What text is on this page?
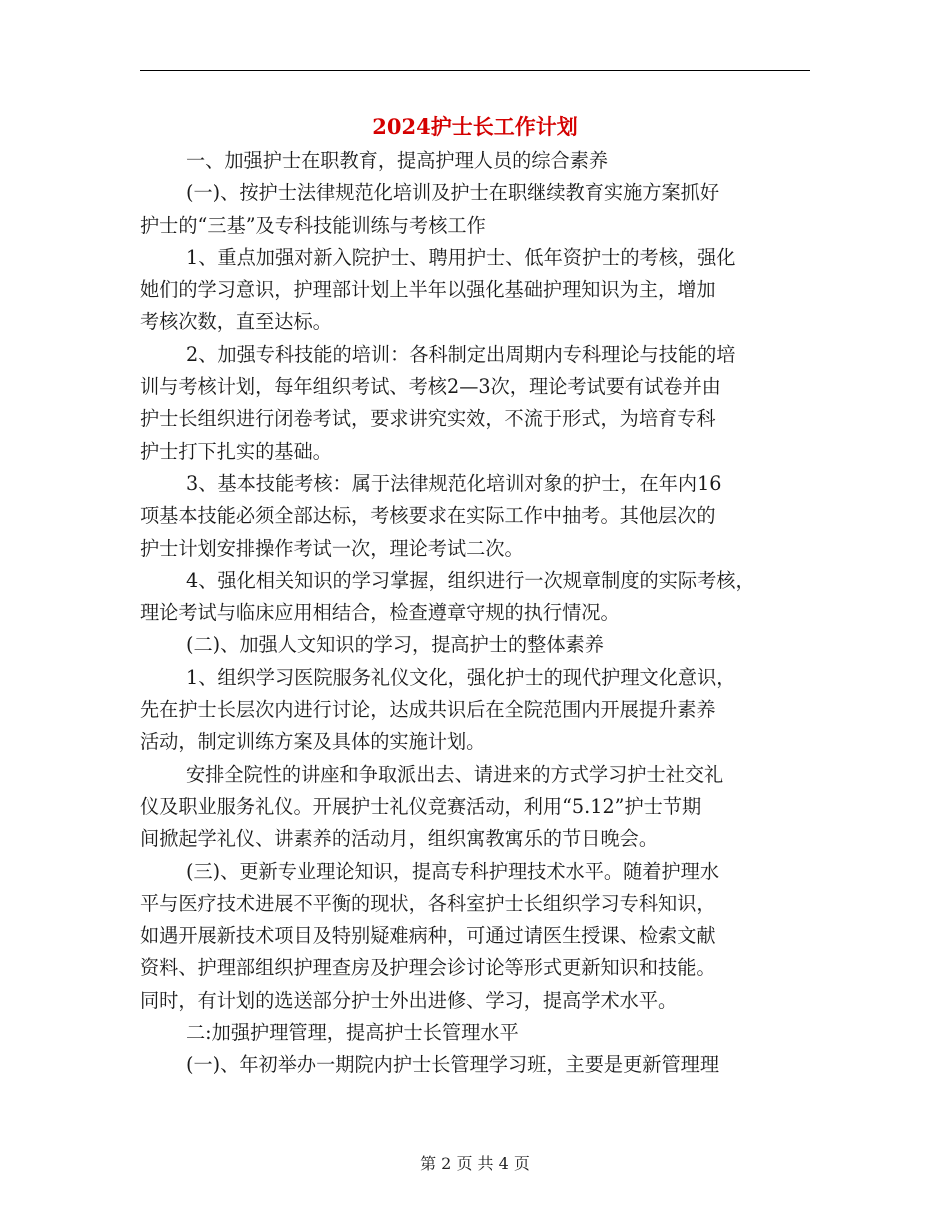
2024护士长工作计划
一、加强护士在职教育，提高护理人员的综合素养
(一)、按护士法律规范化培训及护士在职继续教育实施方案抓好
护士的“三基”及专科技能训练与考核工作
1、重点加强对新入院护士、聘用护士、低年资护士的考核，强化
她们的学习意识，护理部计划上半年以强化基础护理知识为主，增加
考核次数，直至达标。
2、加强专科技能的培训：各科制定出周期内专科理论与技能的培
训与考核计划，每年组织考试、考核2—3次，理论考试要有试卷并由
护士长组织进行闭卷考试，要求讲究实效，不流于形式，为培育专科
护士打下扎实的基础。
3、基本技能考核：属于法律规范化培训对象的护士，在年内16
项基本技能必须全部达标，考核要求在实际工作中抽考。其他层次的
护士计划安排操作考试一次，理论考试二次。
4、强化相关知识的学习掌握，组织进行一次规章制度的实际考核，
理论考试与临床应用相结合，检查遵章守规的执行情况。
(二)、加强人文知识的学习，提高护士的整体素养
1、组织学习医院服务礼仪文化，强化护士的现代护理文化意识，
先在护士长层次内进行讨论，达成共识后在全院范围内开展提升素养
活动，制定训练方案及具体的实施计划。
安排全院性的讲座和争取派出去、请进来的方式学习护士社交礼
仪及职业服务礼仪。开展护士礼仪竞赛活动，利用“5.12”护士节期
间掀起学礼仪、讲素养的活动月，组织寓教寓乐的节日晚会。
(三)、更新专业理论知识，提高专科护理技术水平。随着护理水
平与医疗技术进展不平衡的现状，各科室护士长组织学习专科知识，
如遇开展新技术项目及特别疑难病种，可通过请医生授课、检索文献
资料、护理部组织护理查房及护理会诊讨论等形式更新知识和技能。
同时，有计划的选送部分护士外出进修、学习，提高学术水平。
二:加强护理管理，提高护士长管理水平
(一)、年初举办一期院内护士长管理学习班，主要是更新管理理
第 2 页 共 4 页
